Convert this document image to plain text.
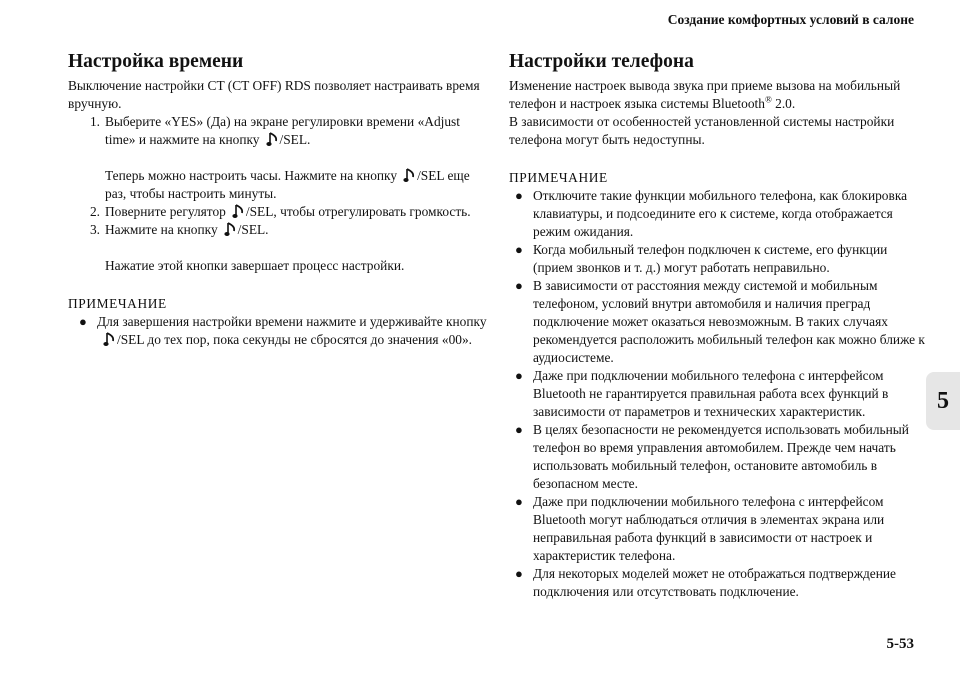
Создание комфортных условий в салоне
Настройка времени

Выключение настройки CT (CT OFF) RDS позволяет настраивать время вручную.

1. Выберите «YES» (Да) на экране регулировки времени «Adjust time» и нажмите на кнопку /SEL.

Теперь можно настроить часы. Нажмите на кнопку /SEL еще раз, чтобы настроить минуты.

2. Поверните регулятор /SEL, чтобы отрегулировать громкость.
3. Нажмите на кнопку /SEL.

Нажатие этой кнопки завершает процесс настройки.

ПРИМЕЧАНИЕ

● Для завершения настройки времени нажмите и удерживайте кнопку/SEL до тех пор, пока секунды не сбросятся до значения «00».
Настройки телефона

Изменение настроек вывода звука при приеме вызова на мобильный телефон и настроек языка системы Bluetooth® 2.0.

В зависимости от особенностей установленной системы настройки телефона могут быть недоступны.

ПРИМЕЧАНИЕ

● Отключите такие функции мобильного телефона, как блокировка клавиатуры, и подсоедините его к системе, когда отображается режим ожидания.
● Когда мобильный телефон подключен к системе, его функции (прием звонков и т. д.) могут работать неправильно.
● В зависимости от расстояния между системой и мобильным телефоном, условий внутри автомобиля и наличия преград подключение может оказаться невозможным. В таких случаях рекомендуется расположить мобильный телефон как можно ближе к аудиосистеме.
● Даже при подключении мобильного телефона с интерфейсом Bluetooth не гарантируется правильная работа всех функций в зависимости от параметров и технических характеристик.
● В целях безопасности не рекомендуется использовать мобильный телефон во время управления автомобилем. Прежде чем начать использовать мобильный телефон, остановите автомобиль в безопасном месте.
● Даже при подключении мобильного телефона с интерфейсом Bluetooth могут наблюдаться отличия в элементах экрана или неправильная работа функций в зависимости от настроек и характеристик телефона.
● Для некоторых моделей может не отображаться подтверждение подключения или отсутствовать подключение.
5
5-53
